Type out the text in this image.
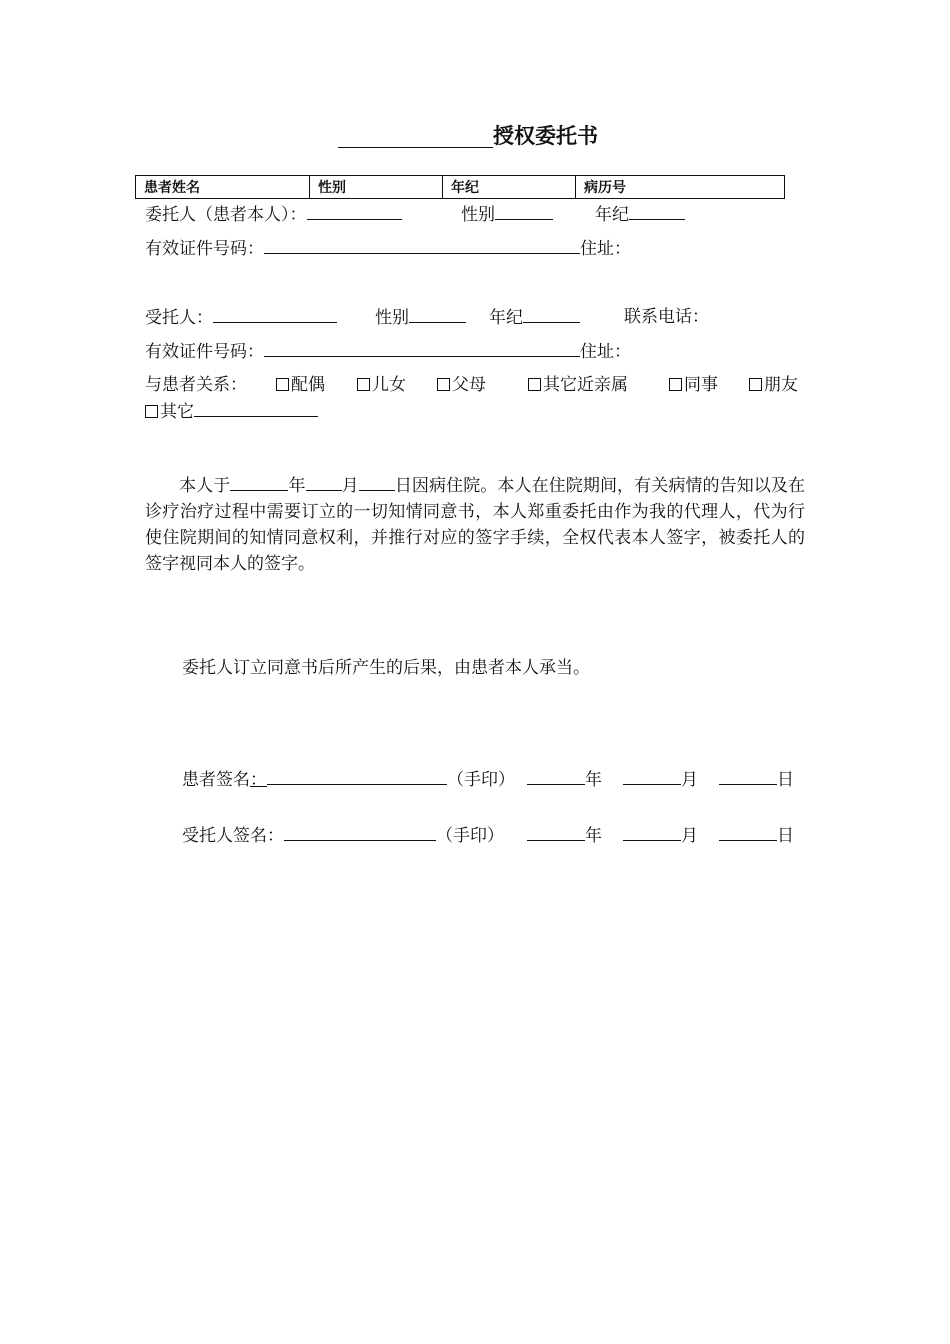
授权委托书
患者姓名	性别	年纪	病历号
委托人（患者本人）：	性别	年纪
有效证件号码：	住址：
受托人：	性别	年纪	联系电话：
有效证件号码：	住址：
与患者关系：	配偶	儿女	父母	其它近亲属	同事	朋友
其它
本人于	年 月 日因病住院。本人在住院期间，有关病情的告知以及在诊疗治疗过程中需要订立的一切知情同意书，本人郑重委托由作为我的代理人，代为行使住院期间的知情同意权利，并推行对应的签字手续，全权代表本人签字，被委托人的签字视同本人的签字。
委托人订立同意书后所产生的后果，由患者本人承当。
患者签名：	（手印）	年	月	日
受托人签名：	（手印）	年	月	日
